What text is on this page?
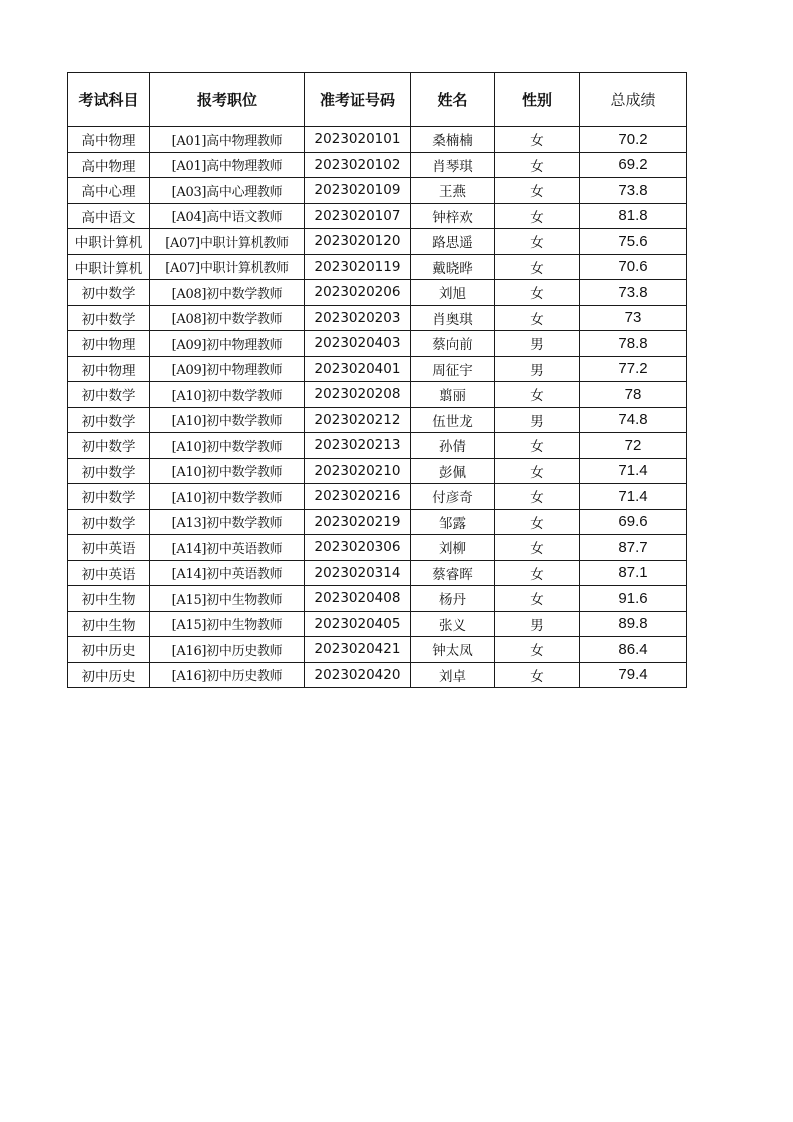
考试科目	报考职位	准考证号码	姓名	性别	总成绩
高中物理	[A01]高中物理教师	2023020101	桑楠楠	女	70.2
高中物理	[A01]高中物理教师	2023020102	肖琴琪	女	69.2
高中心理	[A03]高中心理教师	2023020109	王燕	女	73.8
高中语文	[A04]高中语文教师	2023020107	钟梓欢	女	81.8
中职计算机	[A07]中职计算机教师	2023020120	路思遥	女	75.6
中职计算机	[A07]中职计算机教师	2023020119	戴晓晔	女	70.6
初中数学	[A08]初中数学教师	2023020206	刘旭	女	73.8
初中数学	[A08]初中数学教师	2023020203	肖奥琪	女	73
初中物理	[A09]初中物理教师	2023020403	蔡向前	男	78.8
初中物理	[A09]初中物理教师	2023020401	周征宇	男	77.2
初中数学	[A10]初中数学教师	2023020208	翦丽	女	78
初中数学	[A10]初中数学教师	2023020212	伍世龙	男	74.8
初中数学	[A10]初中数学教师	2023020213	孙倩	女	72
初中数学	[A10]初中数学教师	2023020210	彭佩	女	71.4
初中数学	[A10]初中数学教师	2023020216	付彦奇	女	71.4
初中数学	[A13]初中数学教师	2023020219	邹露	女	69.6
初中英语	[A14]初中英语教师	2023020306	刘柳	女	87.7
初中英语	[A14]初中英语教师	2023020314	蔡睿晖	女	87.1
初中生物	[A15]初中生物教师	2023020408	杨丹	女	91.6
初中生物	[A15]初中生物教师	2023020405	张义	男	89.8
初中历史	[A16]初中历史教师	2023020421	钟太凤	女	86.4
初中历史	[A16]初中历史教师	2023020420	刘卓	女	79.4
